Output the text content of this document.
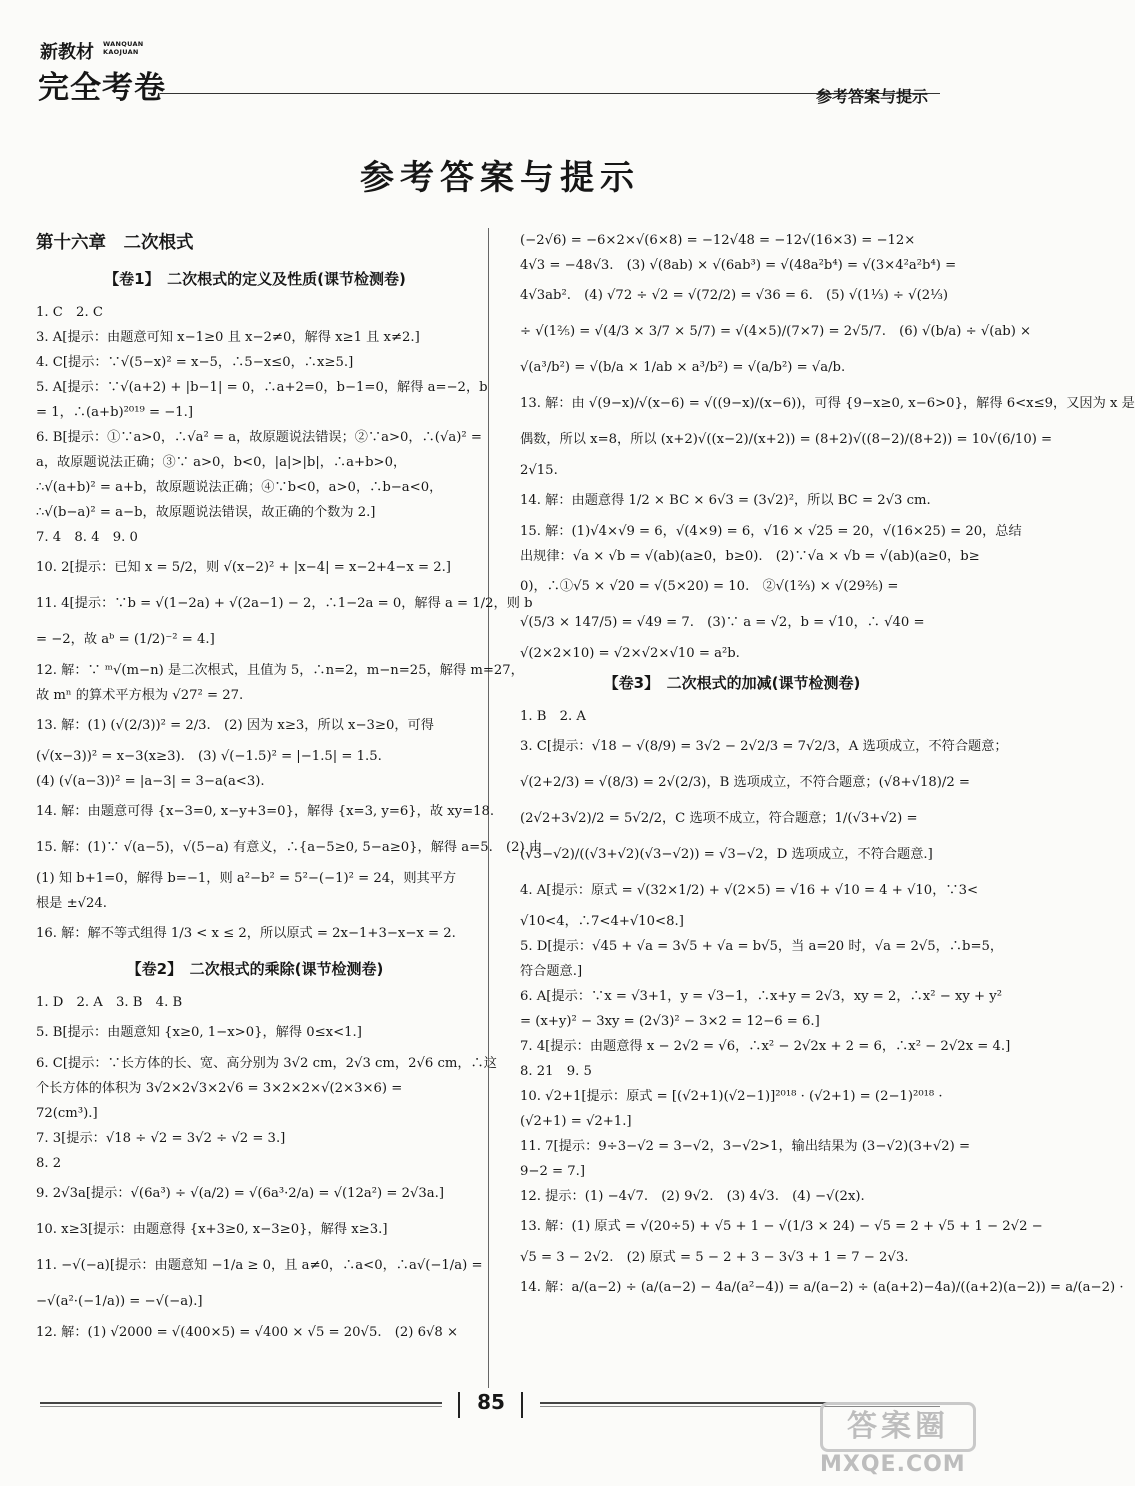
新教材 WANQUAN
KAOJUAN
完全考卷	参考答案与提示
参考答案与提示
第十六章　二次根式
【卷1】　二次根式的定义及性质(课节检测卷)
1. C　2. C
3. A[提示：由题意可知 x−1≥0 且 x−2≠0，解得 x≥1 且 x≠2.]
4. C[提示：∵√(5−x)² = x−5，∴5−x≤0，∴x≥5.]
5. A[提示：∵√(a+2) + |b−1| = 0，∴a+2=0，b−1=0，解得 a=−2，b
= 1，∴(a+b)²⁰¹⁹ = −1.]
6. B[提示：①∵a>0，∴√a² = a，故原题说法错误；②∵a>0，∴(√a)² =
a，故原题说法正确；③∵ a>0，b<0，|a|>|b|，∴a+b>0，
∴√(a+b)² = a+b，故原题说法正确；④∵b<0，a>0，∴b−a<0，
∴√(b−a)² = a−b，故原题说法错误，故正确的个数为 2.]
7. 4　8. 4　9. 0
10. 2[提示：已知 x = 5/2，则 √(x−2)² + |x−4| = x−2+4−x = 2.]
11. 4[提示：∵b = √(1−2a) + √(2a−1) − 2，∴1−2a = 0，解得 a = 1/2，则 b
= −2，故 aᵇ = (1/2)⁻² = 4.]
12. 解：∵ ᵐ√(m−n) 是二次根式，且值为 5，∴n=2，m−n=25，解得 m=27，
故 mⁿ 的算术平方根为 √27² = 27.
13. 解：(1) (√(2/3))² = 2/3.　(2) 因为 x≥3，所以 x−3≥0，可得
(√(x−3))² = x−3(x≥3).　(3) √(−1.5)² = |−1.5| = 1.5.
(4) (√(a−3))² = |a−3| = 3−a(a<3).
14. 解：由题意可得 {x−3=0, x−y+3=0}，解得 {x=3, y=6}，故 xy=18.
15. 解：(1)∵ √(a−5)，√(5−a) 有意义，∴{a−5≥0, 5−a≥0}，解得 a=5.　(2) 由
(1) 知 b+1=0，解得 b=−1，则 a²−b² = 5²−(−1)² = 24，则其平方
根是 ±√24.
16. 解：解不等式组得 1/3 < x ≤ 2，所以原式 = 2x−1+3−x−x = 2.
【卷2】　二次根式的乘除(课节检测卷)
1. D　2. A　3. B　4. B
5. B[提示：由题意知 {x≥0, 1−x>0}，解得 0≤x<1.]
6. C[提示：∵长方体的长、宽、高分别为 3√2 cm，2√3 cm，2√6 cm，∴这
个长方体的体积为 3√2×2√3×2√6 = 3×2×2×√(2×3×6) =
72(cm³).]
7. 3[提示：√18 ÷ √2 = 3√2 ÷ √2 = 3.]
8. 2
9. 2√3a[提示：√(6a³) ÷ √(a/2) = √(6a³·2/a) = √(12a²) = 2√3a.]
10. x≥3[提示：由题意得 {x+3≥0, x−3≥0}，解得 x≥3.]
11. −√(−a)[提示：由题意知 −1/a ≥ 0，且 a≠0，∴a<0，∴a√(−1/a) =
−√(a²·(−1/a)) = −√(−a).]
12. 解：(1) √2000 = √(400×5) = √400 × √5 = 20√5.　(2) 6√8 ×
(−2√6) = −6×2×√(6×8) = −12√48 = −12√(16×3) = −12×
4√3 = −48√3.　(3) √(8ab) × √(6ab³) = √(48a²b⁴) = √(3×4²a²b⁴) =
4√3ab².　(4) √72 ÷ √2 = √(72/2) = √36 = 6.　(5) √(1⅓) ÷ √(2⅓)
÷ √(1⅖) = √(4/3 × 3/7 × 5/7) = √(4×5)/(7×7) = 2√5/7.　(6) √(b/a) ÷ √(ab) ×
√(a³/b²) = √(b/a × 1/ab × a³/b²) = √(a/b²) = √a/b.
13. 解：由 √(9−x)/√(x−6) = √((9−x)/(x−6))，可得 {9−x≥0, x−6>0}，解得 6<x≤9，又因为 x 是
偶数，所以 x=8，所以 (x+2)√((x−2)/(x+2)) = (8+2)√((8−2)/(8+2)) = 10√(6/10) =
2√15.
14. 解：由题意得 1/2 × BC × 6√3 = (3√2)²，所以 BC = 2√3 cm.
15. 解：(1)√4×√9 = 6，√(4×9) = 6，√16 × √25 = 20，√(16×25) = 20，总结
出规律：√a × √b = √(ab)(a≥0，b≥0).　(2)∵√a × √b = √(ab)(a≥0，b≥
0)，∴①√5 × √20 = √(5×20) = 10.　②√(1⅔) × √(29⅖) =
√(5/3 × 147/5) = √49 = 7.　(3)∵ a = √2，b = √10，∴ √40 =
√(2×2×10) = √2×√2×√10 = a²b.
【卷3】　二次根式的加减(课节检测卷)
1. B　2. A
3. C[提示：√18 − √(8/9) = 3√2 − 2√2/3 = 7√2/3，A 选项成立，不符合题意；
√(2+2/3) = √(8/3) = 2√(2/3)，B 选项成立，不符合题意；(√8+√18)/2 =
(2√2+3√2)/2 = 5√2/2，C 选项不成立，符合题意；1/(√3+√2) =
(√3−√2)/((√3+√2)(√3−√2)) = √3−√2，D 选项成立，不符合题意.]
4. A[提示：原式 = √(32×1/2) + √(2×5) = √16 + √10 = 4 + √10，∵3<
√10<4，∴7<4+√10<8.]
5. D[提示：√45 + √a = 3√5 + √a = b√5，当 a=20 时，√a = 2√5，∴b=5，
符合题意.]
6. A[提示：∵x = √3+1，y = √3−1，∴x+y = 2√3，xy = 2，∴x² − xy + y²
= (x+y)² − 3xy = (2√3)² − 3×2 = 12−6 = 6.]
7. 4[提示：由题意得 x − 2√2 = √6，∴x² − 2√2x + 2 = 6，∴x² − 2√2x = 4.]
8. 21　9. 5
10. √2+1[提示：原式 = [(√2+1)(√2−1)]²⁰¹⁸ · (√2+1) = (2−1)²⁰¹⁸ ·
(√2+1) = √2+1.]
11. 7[提示：9÷3−√2 = 3−√2，3−√2>1，输出结果为 (3−√2)(3+√2) =
9−2 = 7.]
12. 提示：(1) −4√7.　(2) 9√2.　(3) 4√3.　(4) −√(2x).
13. 解：(1) 原式 = √(20÷5) + √5 + 1 − √(1/3 × 24) − √5 = 2 + √5 + 1 − 2√2 −
√5 = 3 − 2√2.　(2) 原式 = 5 − 2 + 3 − 3√3 + 1 = 7 − 2√3.
14. 解：a/(a−2) ÷ (a/(a−2) − 4a/(a²−4)) = a/(a−2) ÷ (a(a+2)−4a)/((a+2)(a−2)) = a/(a−2) ·
85
答案圈
MXQE.COM
